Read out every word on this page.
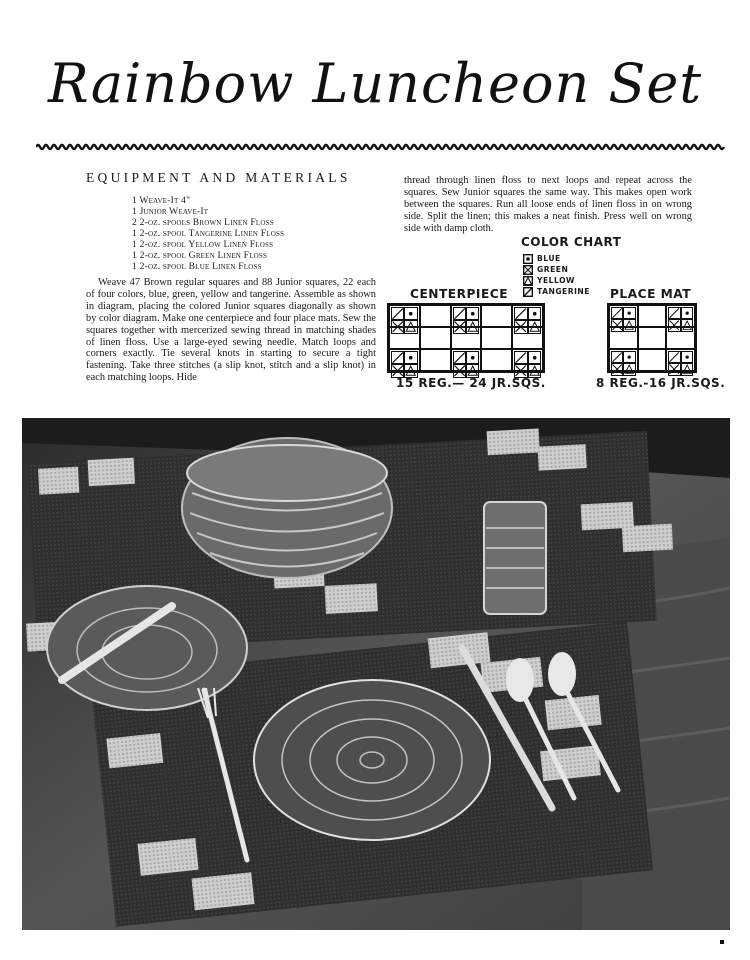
Rainbow Luncheon Set
EQUIPMENT AND MATERIALS
1 Weave-It 4"
1 Junior Weave-It
2 2-oz. spools Brown Linen Floss
1 2-oz. spool Tangerine Linen Floss
1 2-oz. spool Yellow Linen Floss
1 2-oz. spool Green Linen Floss
1 2-oz. spool Blue Linen Floss

Weave 47 Brown regular squares and 88 Junior squares, 22 each of four colors, blue, green, yellow and tangerine. Assemble as shown in diagram, placing the colored Junior squares diagonally as shown by color diagram. Make one centerpiece and four place mats. Sew the squares together with mercerized sewing thread in matching shades of linen floss. Use a large-eyed sewing needle. Match loops and corners exactly. Tie several knots in starting to secure a tight fastening. Take three stitches (a slip knot, stitch and a slip knot) in each matching loops. Hide

thread through linen floss to next loops and repeat across the squares. Sew Junior squares the same way. This makes open work between the squares. Run all loose ends of linen floss in on wrong side. Split the linen; this makes a neat finish. Press well on wrong side with damp cloth.

COLOR CHART
BLUE
GREEN
YELLOW
TANGERINE
CENTERPIECE	PLACE MAT
15 REG.— 24 JR.SQS.	8 REG.-16 JR.SQS.
